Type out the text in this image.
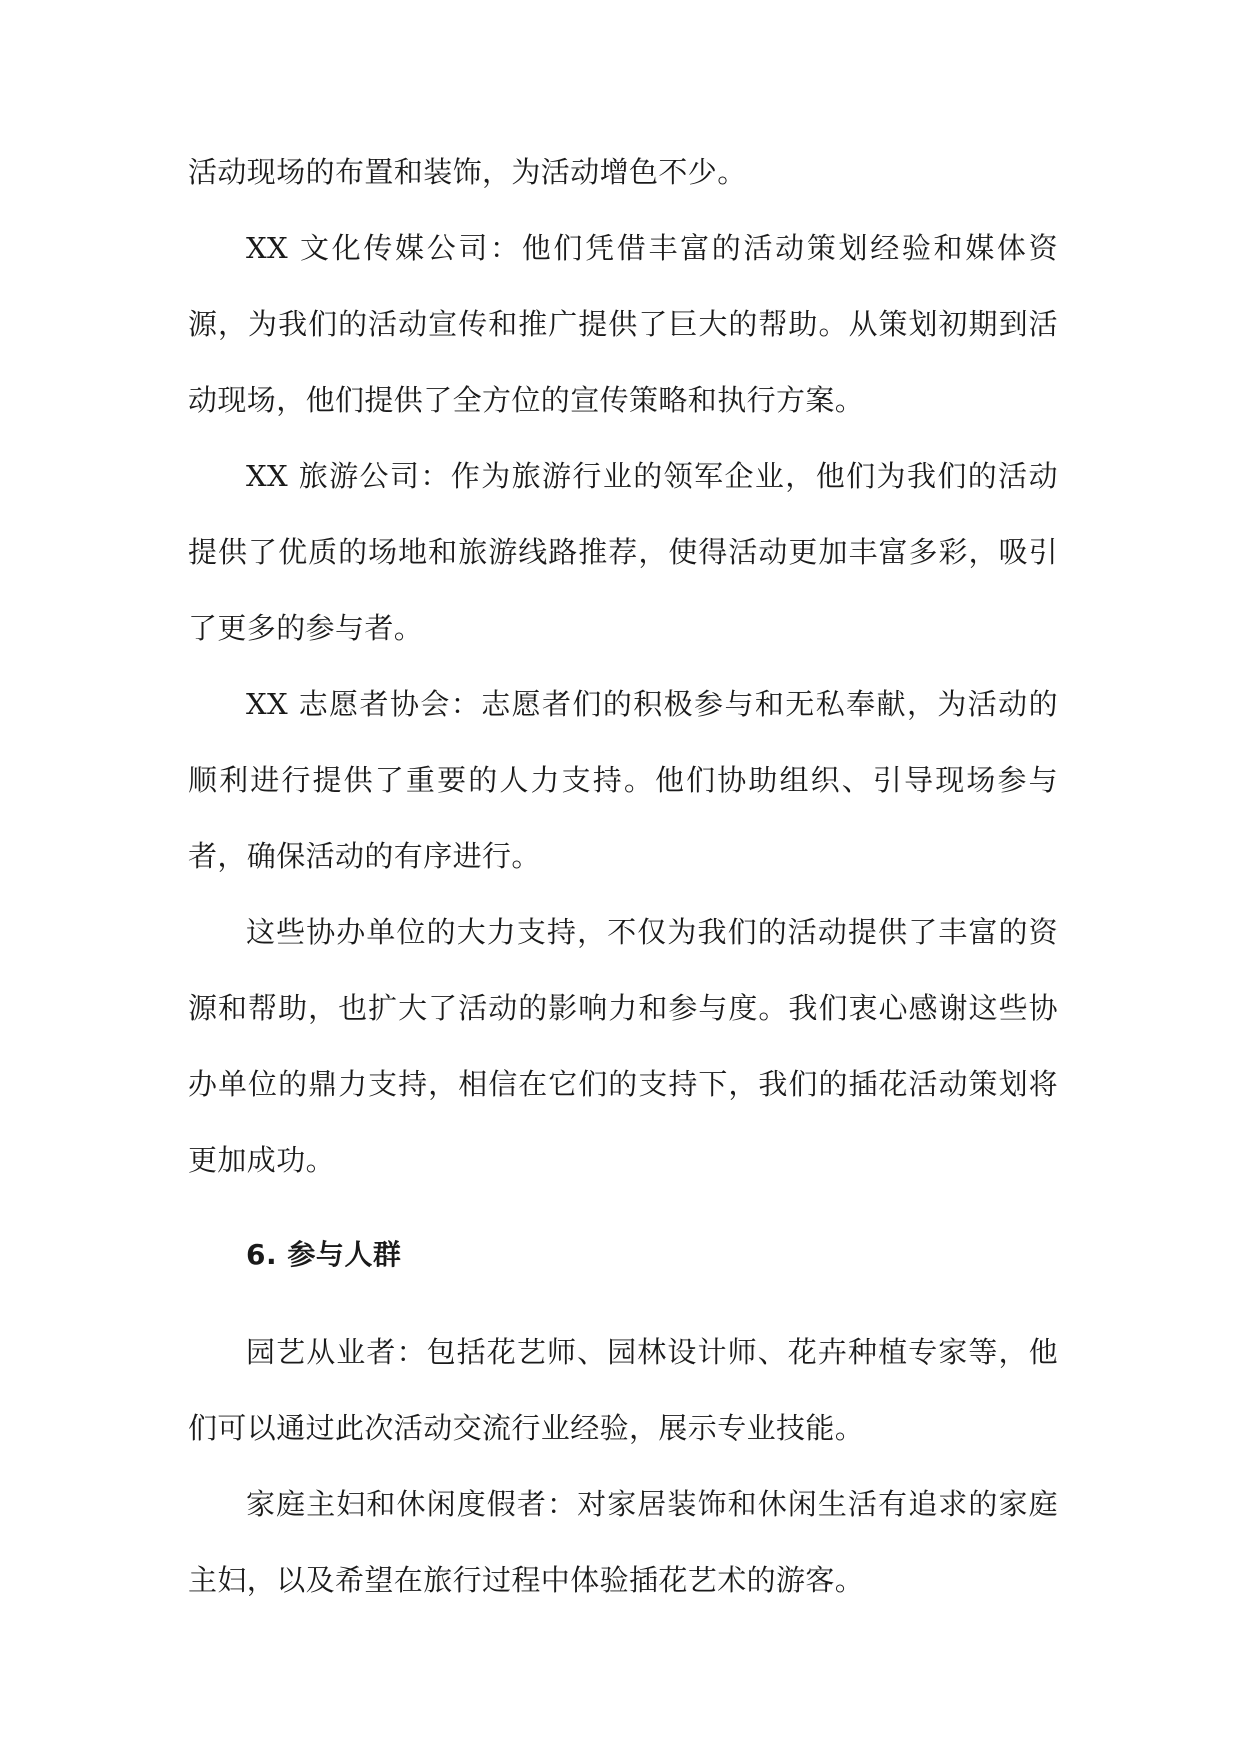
活动现场的布置和装饰，为活动增色不少。

XX 文化传媒公司：他们凭借丰富的活动策划经验和媒体资源，为我们的活动宣传和推广提供了巨大的帮助。从策划初期到活动现场，他们提供了全方位的宣传策略和执行方案。

XX 旅游公司：作为旅游行业的领军企业，他们为我们的活动提供了优质的场地和旅游线路推荐，使得活动更加丰富多彩，吸引了更多的参与者。

XX 志愿者协会：志愿者们的积极参与和无私奉献，为活动的顺利进行提供了重要的人力支持。他们协助组织、引导现场参与者，确保活动的有序进行。

这些协办单位的大力支持，不仅为我们的活动提供了丰富的资源和帮助，也扩大了活动的影响力和参与度。我们衷心感谢这些协办单位的鼎力支持，相信在它们的支持下，我们的插花活动策划将更加成功。

6. 参与人群

园艺从业者：包括花艺师、园林设计师、花卉种植专家等，他们可以通过此次活动交流行业经验，展示专业技能。

家庭主妇和休闲度假者：对家居装饰和休闲生活有追求的家庭主妇，以及希望在旅行过程中体验插花艺术的游客。
